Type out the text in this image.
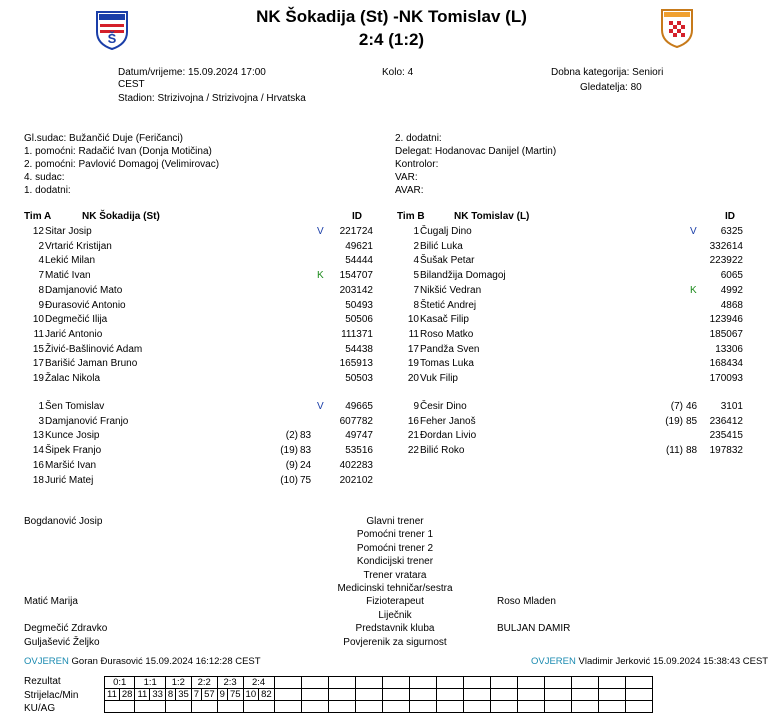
Š
NK Šokadija (St) -NK Tomislav (L)
2:4 (1:2)
Datum/vrijeme: 15.09.2024 17:00
CEST
Stadion: Strizivojna / Strizivojna / Hrvatska
Kolo: 4	Dobna kategorija: Seniori
Gledatelja: 80
Gl.sudac: Bužančić Duje (Feričanci)
1. pomoćni: Radačić Ivan (Donja Motičina)
2. pomoćni: Pavlović Domagoj (Velimirovac)
4. sudac:
1. dodatni:
2. dodatni:
Delegat: Hodanovac Danijel (Martin)
Kontrolor:
VAR:
AVAR:
Tim A	NK Šokadija (St)	ID	Tim B	NK Tomislav (L)	ID
12 Sitar Josip	V	221724
2 Vrtarić Kristijan	49621
4 Lekić Milan	54444
7 Matić Ivan	K	154707
8 Damjanović Mato	203142
9 Đurasović Antonio	50493
10 Degmečić Ilija	50506
11 Jarić Antonio	111371
15 Živić-Bašlinović Adam	54438
17 Barišić Jaman Bruno	165913
19 Žalac Nikola	50503
1 Šen Tomislav	V	49665
3 Damjanović Franjo	607782
13 Kunce Josip	(2) 83	49747
14 Šipek Franjo	(19) 83	53516
16 Maršić Ivan	(9) 24	402283
18 Jurić Matej	(10) 75	202102
1 Čugalj Dino	V	6325
2 Bilić Luka	332614
4 Šušak Petar	223922
5 Bilandžija Domagoj	6065
7 Nikšić Vedran	K	4992
8 Štetić Andrej	4868
10 Kasač Filip	123946
11 Roso Matko	185067
17 Pandža Sven	13306
19 Tomas Luka	168434
20 Vuk Filip	170093
9 Česir Dino	(7) 46	3101
16 Feher Janoš	(19) 85	236412
21 Đordan Livio	235415
22 Bilić Roko	(11) 88	197832
Glavni trener
Bogdanović Josip
Pomoćni trener 1
Pomoćni trener 2
Kondicijski trener
Trener vratara
Medicinski tehničar/sestra
Fizioterapeut
Matić Marija	Roso Mladen
Liječnik
Predstavnik kluba
Degmečić Zdravko	BULJAN DAMIR
Povjerenik za sigurnost
Guljašević Željko
OVJEREN Goran Đurasović 15.09.2024 16:12:28 CEST	OVJEREN Vladimir Jerković 15.09.2024 15:38:43 CEST
Rezultat
Strijelac/Min
KU/AG
0:1		1:1		1:2		2:2		2:3		2:4															
11	28	11	33	8	35	7	57	9	75	10	82														
